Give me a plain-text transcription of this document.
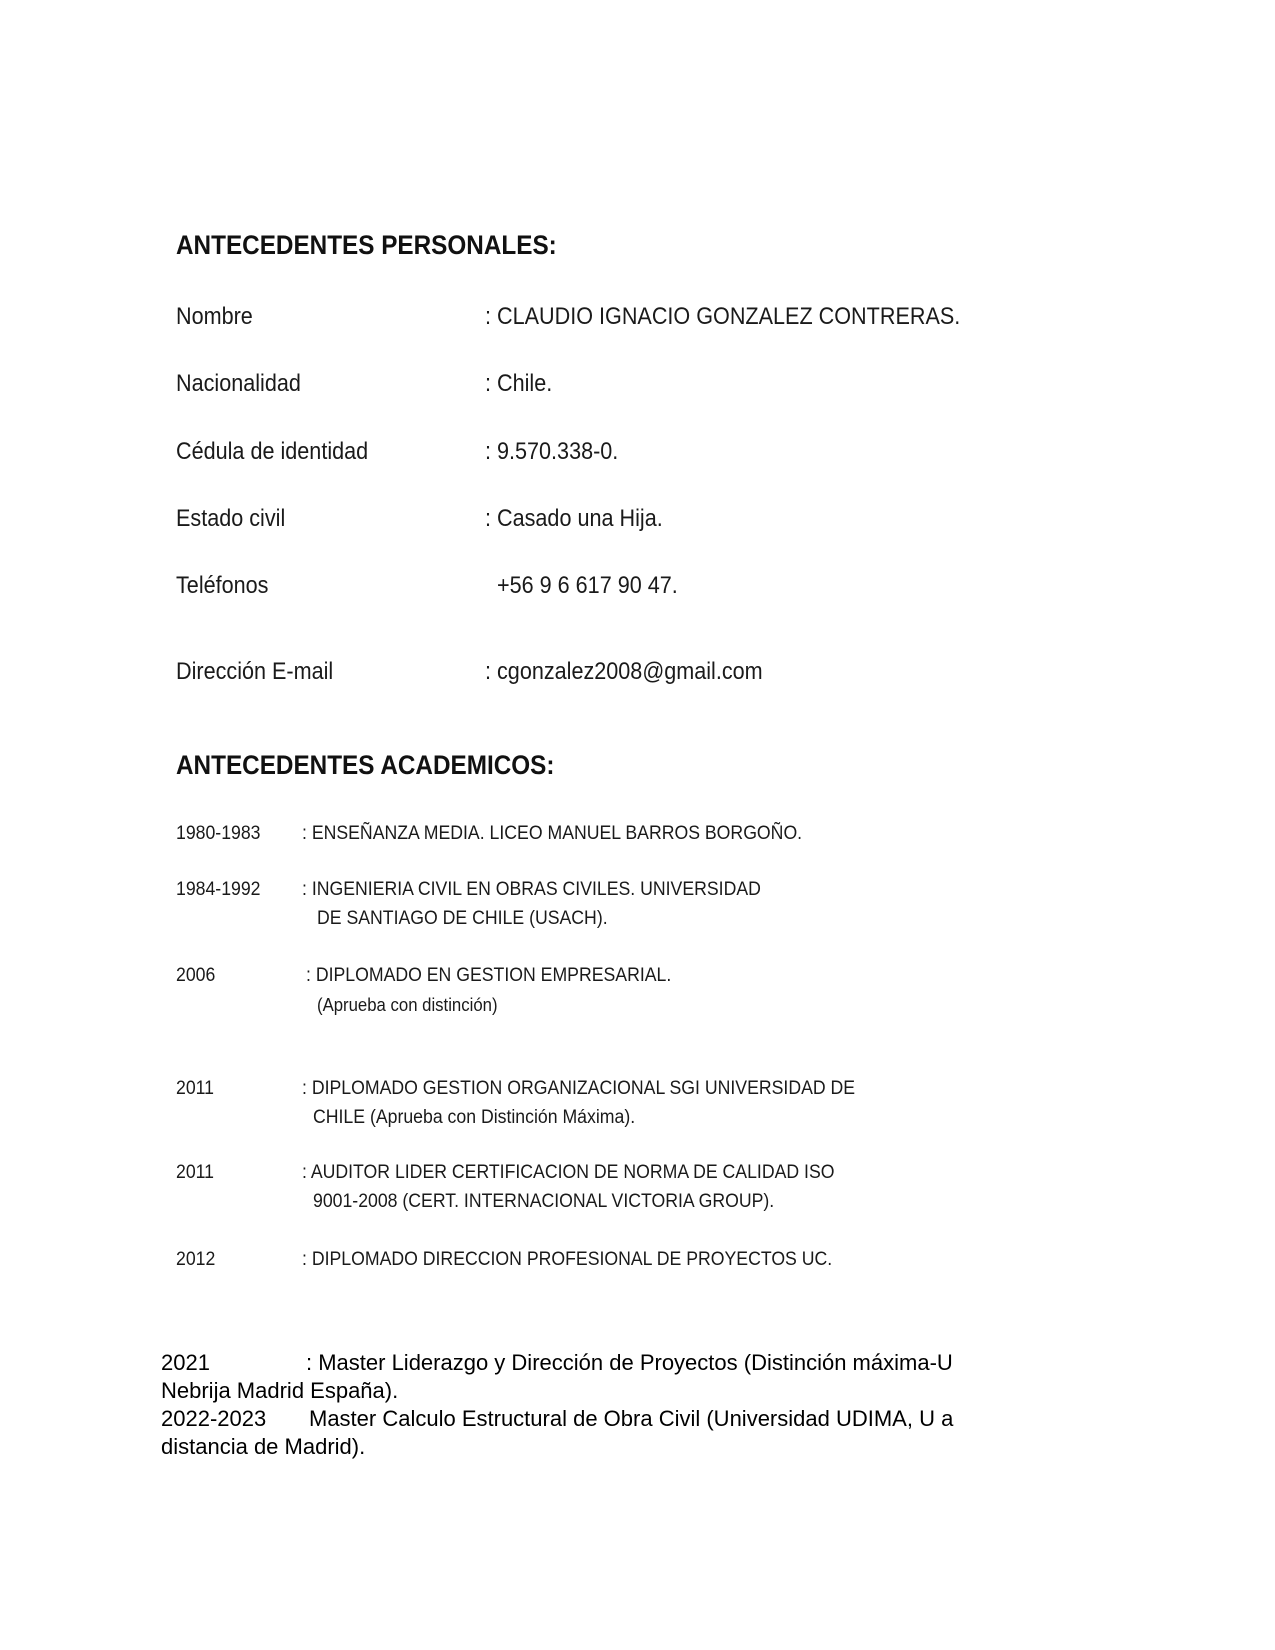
ANTECEDENTES PERSONALES:
Nombre	: CLAUDIO IGNACIO GONZALEZ CONTRERAS.
Nacionalidad	: Chile.
Cédula de identidad	: 9.570.338-0.
Estado civil	: Casado una Hija.
Teléfonos	+56 9 6 617 90 47.
Dirección E-mail	: cgonzalez2008@gmail.com
ANTECEDENTES ACADEMICOS:
1980-1983 : ENSEÑANZA MEDIA. LICEO MANUEL BARROS BORGOÑO.
1984-1992 : INGENIERIA CIVIL EN OBRAS CIVILES. UNIVERSIDAD
DE SANTIAGO DE CHILE (USACH).
2006	: DIPLOMADO EN GESTION EMPRESARIAL.
(Aprueba con distinción)
2011	: DIPLOMADO GESTION ORGANIZACIONAL SGI UNIVERSIDAD DE
CHILE (Aprueba con Distinción Máxima).
2011	: AUDITOR LIDER CERTIFICACION DE NORMA DE CALIDAD ISO
9001-2008 (CERT. INTERNACIONAL VICTORIA GROUP).
2012	: DIPLOMADO DIRECCION PROFESIONAL DE PROYECTOS UC.
2021	: Master Liderazgo y Dirección de Proyectos (Distinción máxima-U
Nebrija Madrid España).
2022-2023 Master Calculo Estructural de Obra Civil (Universidad UDIMA, U a
distancia de Madrid).
